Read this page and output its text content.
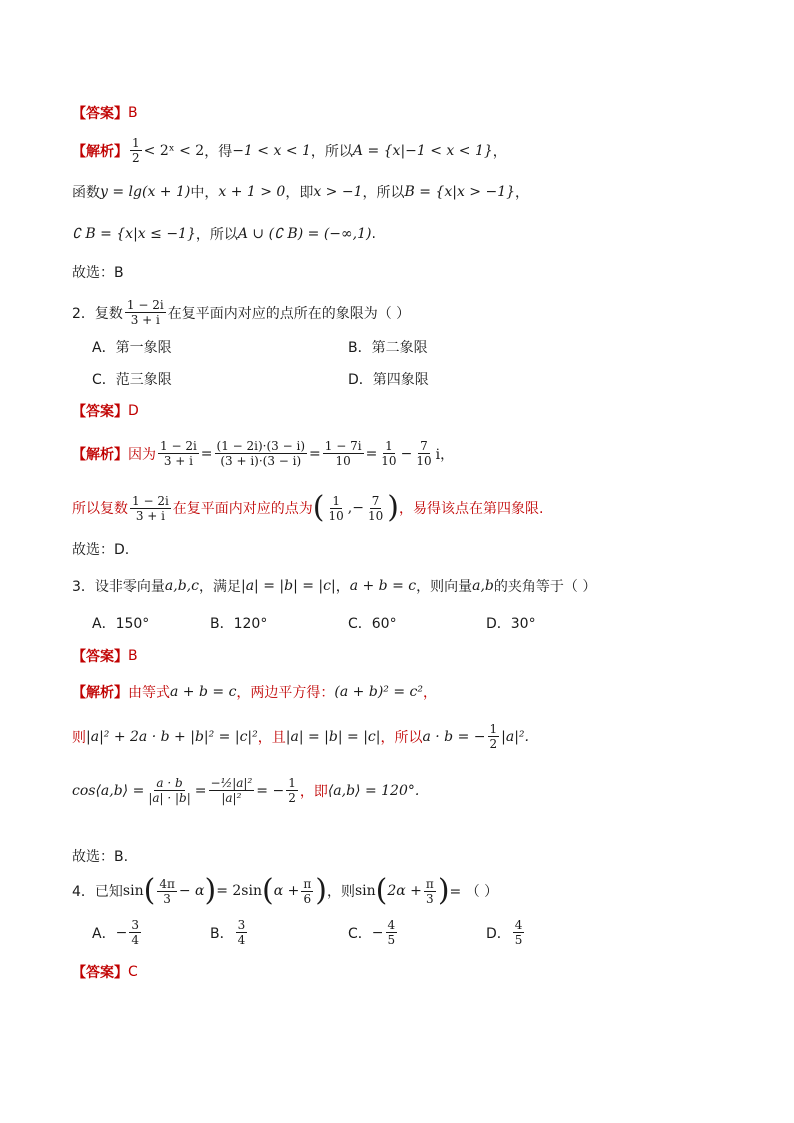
【答案】 B
【解析】 $\frac{1}{2}$ < 2ˣ < 2 ，得 −1 < x < 1 ，所以 A = {x|−1 < x < 1} ，
函数 y = lg(x + 1) 中， x + 1 > 0 ，即 x > −1 ，所以 B = {x|x > −1} ，
∁ B = {x|x ≤ −1} ，所以 A ∪ (∁ B) = (−∞,1) .
故选：B
2．复数 $\frac{1 - 2i}{3 + i}$ 在复平面内对应的点所在的象限为（ ）
A．第一象限	B．第二象限
C．范三象限	D．第四象限
【答案】 D
【解析】 因为 $\frac{1 - 2i}{3 + i} = \frac{(1 - 2i)\cdot(3 - i)}{(3 + i)\cdot(3 - i)} = \frac{1 - 7i}{10} = \frac{1}{10} - \frac{7}{10}$ i，
所以复数 $\frac{1 - 2i}{3 + i}$ 在复平面内对应的点为 ( $\frac{1}{10}$ ,− $\frac{7}{10}$ ) ，易得该点在第四象限.
故选：D.
3．设非零向量 a,b,c ，满足 |a| = |b| = |c| ， a + b = c ，则向量 a,b 的夹角等于（ ）
A．150°	B．120°	C．60°	D．30°
【答案】 B
【解析】 由等式 a + b = c ，两边平方得： (a + b)² = c² ，
则 |a|² + 2a · b + |b|² = |c|² ，且 |a| = |b| = |c| ，所以 a · b = − $\frac{1}{2} |a|^2$.
cos⟨a,b⟩ = $\frac{a \cdot b}{|a| \cdot |b|} = \frac{\text{−½|a|²}}{\text{|a|²}}$ = − $\frac{1}{2}$ ，即 ⟨a,b⟩ = 120°.
故选：B.
4．已知 sin ( $\frac{4\pi}{3} - \alpha$ ) = 2sin ( $\alpha + \frac{\pi}{6}$ ) ，则 sin ( $2\alpha + \frac{\pi}{3}$ ) = （ ）
A． − $\frac{3}{4}$	B． $\frac{3}{4}$	C． − $\frac{4}{5}$	D． $\frac{4}{5}$
【答案】 C
